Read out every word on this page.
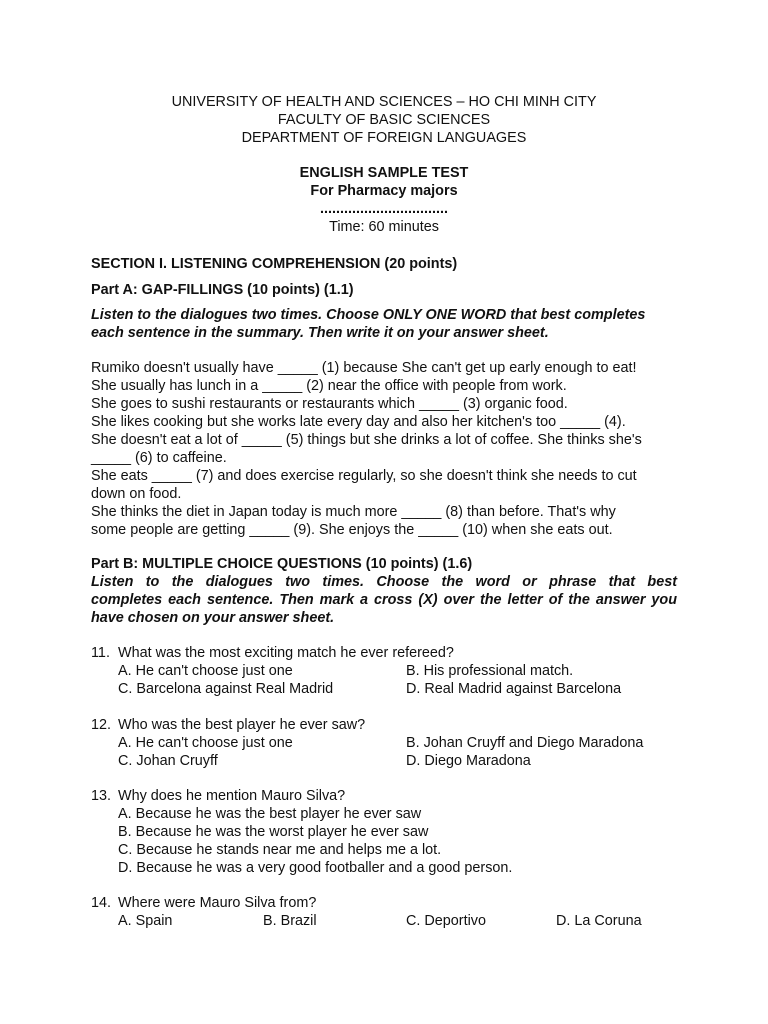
UNIVERSITY OF HEALTH AND SCIENCES – HO CHI MINH CITY
FACULTY OF BASIC SCIENCES
DEPARTMENT OF FOREIGN LANGUAGES
ENGLISH SAMPLE TEST
For Pharmacy majors
................................
Time: 60 minutes
SECTION I. LISTENING COMPREHENSION (20 points)
Part A: GAP-FILLINGS (10 points) (1.1)
Listen to the dialogues two times. Choose ONLY ONE WORD that best completes
each sentence in the summary. Then write it on your answer sheet.
Rumiko doesn't usually have _____ (1) because She can't get up early enough to eat!
She usually has lunch in a _____ (2) near the office with people from work.
She goes to sushi restaurants or restaurants which _____ (3) organic food.
She likes cooking but she works late every day and also her kitchen's too _____ (4).
She doesn't eat a lot of _____ (5) things but she drinks a lot of coffee. She thinks she's
_____ (6) to caffeine.
She eats _____ (7) and does exercise regularly, so she doesn't think she needs to cut
down on food.
She thinks the diet in Japan today is much more _____ (8) than before. That's why
some people are getting _____ (9). She enjoys the _____ (10) when she eats out.
Part B: MULTIPLE CHOICE QUESTIONS (10 points) (1.6)
Listen to the dialogues two times. Choose the word or phrase that best
completes each sentence. Then mark a cross (X) over the letter of the answer you
have chosen on your answer sheet.
11. What was the most exciting match he ever refereed?
A. He can't choose just one	B. His professional match.
C. Barcelona against Real Madrid	D. Real Madrid against Barcelona
12. Who was the best player he ever saw?
A. He can't choose just one	B. Johan Cruyff and Diego Maradona
C. Johan Cruyff	D. Diego Maradona
13. Why does he mention Mauro Silva?
A. Because he was the best player he ever saw
B. Because he was the worst player he ever saw
C. Because he stands near me and helps me a lot.
D. Because he was a very good footballer and a good person.
14. Where were Mauro Silva from?
A. Spain	B. Brazil	C. Deportivo	D. La Coruna
